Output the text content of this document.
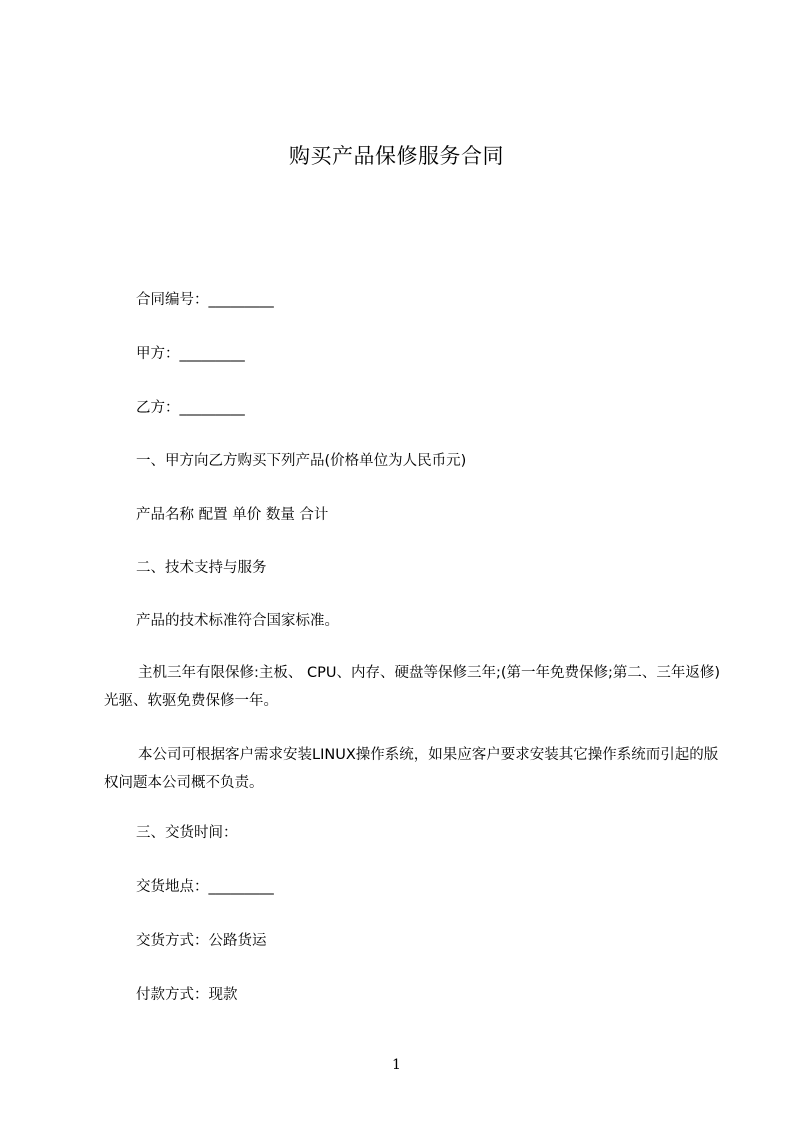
购买产品保修服务合同
合同编号：_________
甲方：_________
乙方：_________
一、甲方向乙方购买下列产品(价格单位为人民币元)
产品名称 配置 单价 数量 合计
二、技术支持与服务
产品的技术标准符合国家标准。
主机三年有限保修:主板、 CPU、内存、硬盘等保修三年;(第一年免费保修;第二、三年返修)光驱、软驱免费保修一年。
本公司可根据客户需求安装LINUX操作系统，如果应客户要求安装其它操作系统而引起的版权问题本公司概不负责。
三、交货时间：
交货地点：_________
交货方式：公路货运
付款方式：现款
1
